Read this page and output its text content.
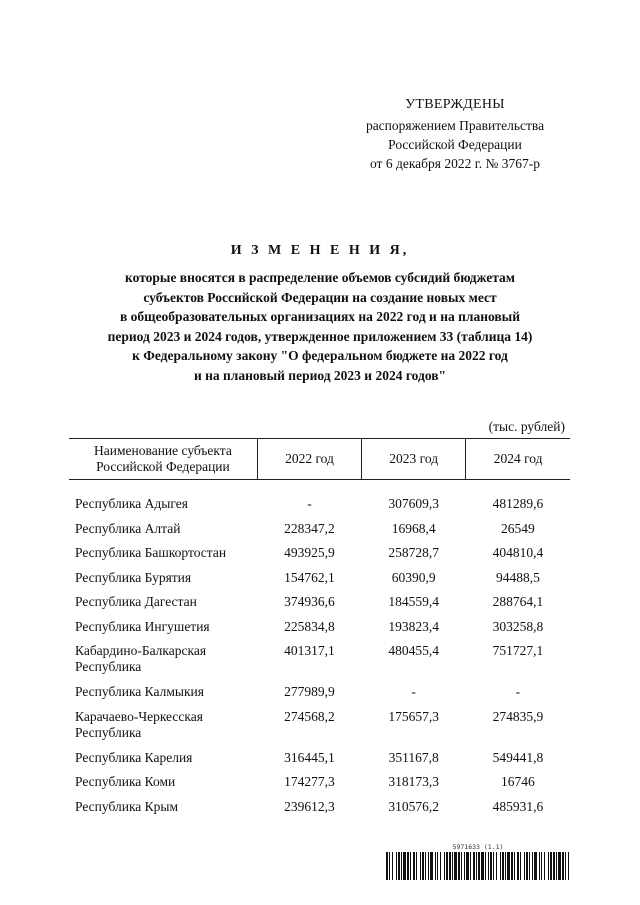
УТВЕРЖДЕНЫ
распоряжением Правительства
Российской Федерации
от 6 декабря 2022 г. № 3767-р
И З М Е Н Е Н И Я,
которые вносятся в распределение объемов субсидий бюджетам
субъектов Российской Федерации на создание новых мест
в общеобразовательных организациях на 2022 год и на плановый
период 2023 и 2024 годов, утвержденное приложением 33 (таблица 14)
к Федеральному закону "О федеральном бюджете на 2022 год
и на плановый период 2023 и 2024 годов"
(тыс. рублей)
Наименование субъекта Российской Федерации	2022 год	2023 год	2024 год

Республика Адыгея	-	307609,3	481289,6
Республика Алтай	228347,2	16968,4	26549
Республика Башкортостан	493925,9	258728,7	404810,4
Республика Бурятия	154762,1	60390,9	94488,5
Республика Дагестан	374936,6	184559,4	288764,1
Республика Ингушетия	225834,8	193823,4	303258,8
Кабардино-Балкарская Республика	401317,1	480455,4	751727,1
Республика Калмыкия	277989,9	-	-
Карачаево-Черкесская Республика	274568,2	175657,3	274835,9
Республика Карелия	316445,1	351167,8	549441,8
Республика Коми	174277,3	318173,3	16746
Республика Крым	239612,3	310576,2	485931,6
5971633 (1.1)
